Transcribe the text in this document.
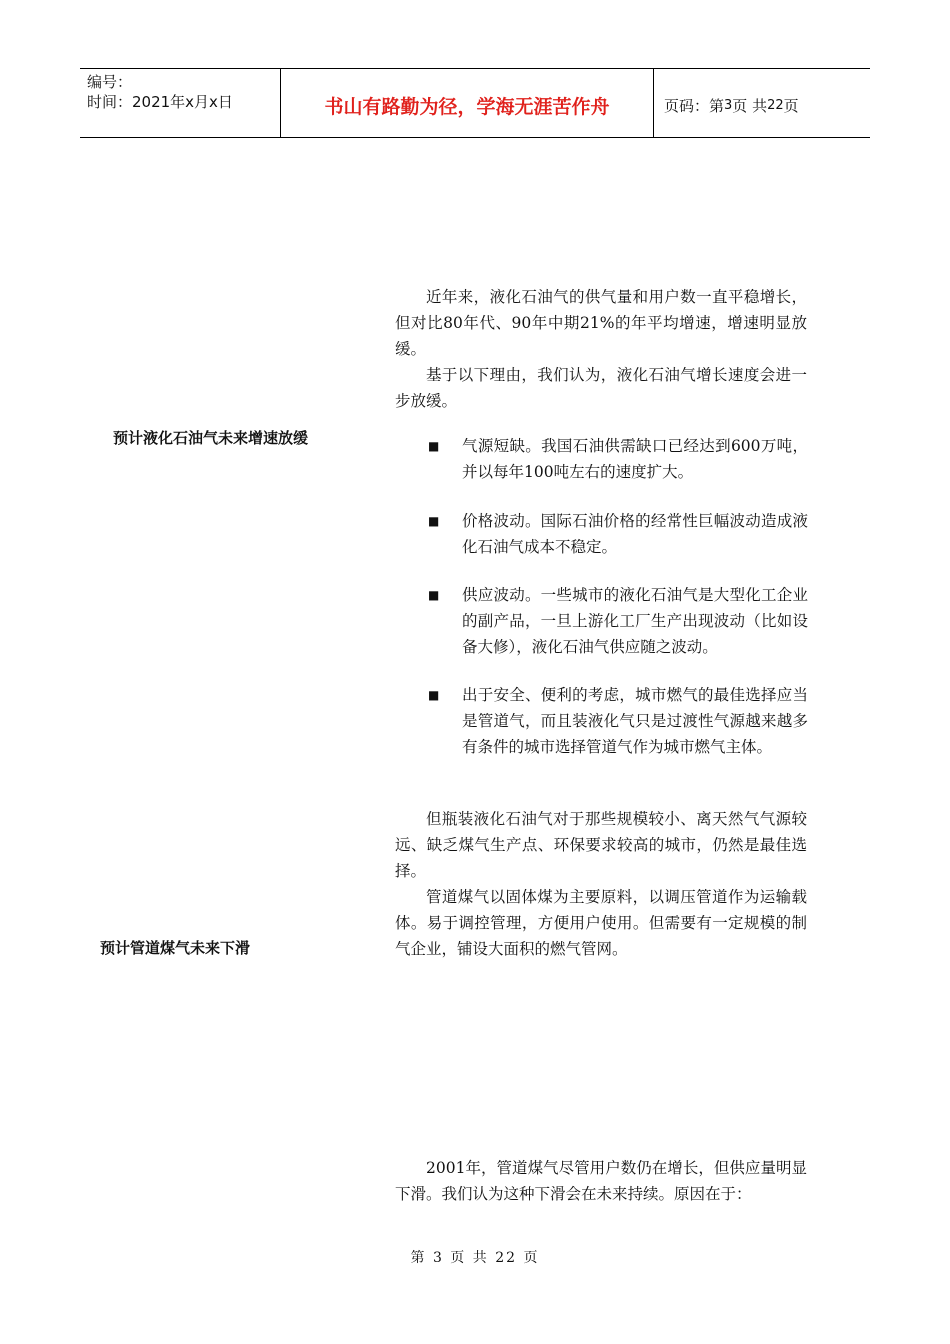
编号：
时间：2021年x月x日	书山有路勤为径，学海无涯苦作舟	页码：第 3 页 共 22 页
预计液化石油气未来增速放缓
预计管道煤气未来下滑

近年来，液化石油气的供气量和用户数一直平稳增长，但对比80年代、90年中期21%的年平均增速，增速明显放缓。

基于以下理由，我们认为，液化石油气增长速度会进一步放缓。

■	气源短缺。我国石油供需缺口已经达到600万吨，并以每年100吨左右的速度扩大。
■	价格波动。国际石油价格的经常性巨幅波动造成液化石油气成本不稳定。
■	供应波动。一些城市的液化石油气是大型化工企业的副产品，一旦上游化工厂生产出现波动（比如设备大修），液化石油气供应随之波动。
■	出于安全、便利的考虑，城市燃气的最佳选择应当是管道气，而且装液化气只是过渡性气源越来越多有条件的城市选择管道气作为城市燃气主体。

但瓶装液化石油气对于那些规模较小、离天然气气源较远、缺乏煤气生产点、环保要求较高的城市，仍然是最佳选择。

管道煤气以固体煤为主要原料，以调压管道作为运输载体。易于调控管理，方便用户使用。但需要有一定规模的制气企业，铺设大面积的燃气管网。

2001年，管道煤气尽管用户数仍在增长，但供应量明显下滑。我们认为这种下滑会在未来持续。原因在于：

第 3 页 共 22 页
